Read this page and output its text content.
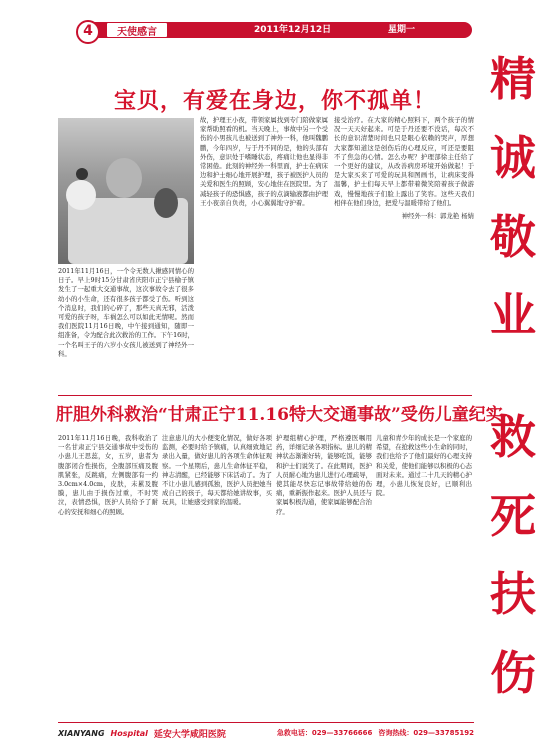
4	天使感言	2011年12月12日	星期一
精
诚
敬
业
救
死
扶
伤
宝贝，有爱在身边，你不孤单！
2011年11月16日，一个令无数人揪感同情心的日子。早上9时15分甘肃省庆阳市正宁县榆子镇发生了一起重大交通事故，这次事故令去了很多幼小的小生命，还有很多孩子都受了伤。听到这个消息时，我们的心碎了，那些天真无邪，活泼可爱的孩子呀，车祸怎么可以如此无情呢。然而我们医院11月16日晚，中午接到通知，随即一组准备，令为配合此次救治的工作。下午16时，一个名叫王子的六岁小女孩儿被送到了神经外一科。
故，护理王小夜，带领家属找到专门陪做家属家帮助照看的机。当天晚上，事故中另一个受伤的小男孩儿也被送到了神外一科，他叫魏鹏鹏，今年四岁，与于丹不同的是，他的头部有外伤，意识处于嗜睡状态，疼痛让他也显得非常困倦。此刻的神经外一科里面，护士在病床边和护士细心地开展护理，孩子被医护人员的关爱和医生的照顾，安心地住在医院里。为了减轻孩子的恐惧感，孩子的点滴输液都由护理王小夜亲自负责，小心翼翼地守护着。
接受治疗。在大家的精心照料下，两个孩子的情况一天天好起来。可是于丹还要不没话，每次不长的意识清楚时间也只是眼心依赖的哭声，厚想大家都知道这是创伤后的心理反应，可还是要阻不了焦急的心情。怎么办呢？护理部徐主任给了一个更好的建议，从改善病房环境开始做起！于是大家买来了可爱的玩具和图画书，让病床变得温馨，护士们每天早上都带着微笑陪着孩子做游戏，慢慢地孩子们脸上露出了笑容。这些天我们相伴在他们身边，把爱与温暖带给了他们。
神经外一科：郭龙艳 杨婧
肝胆外科救治“甘肃正宁11.16特大交通事故”受伤儿童纪实
2011年11月16日晚，我科收治了一名甘肃正宁县交通事故中受伤的小患儿王思蕊，女，五岁，患者为腹部闭合性损伤，全腹部压痛及腹肌紧张，反跳痛，左侧腹部有一约3.0cm×4.0cm，皮肤，未累及腹膜，患儿由于损伤过重，不时哭泣，表情恐惧，医护人员给予了耐心的安抚和细心的照顾。
注意患儿的大小便变化情况，做好各项监测，必要时给予镇痛，认真细致地记录出入量，做好患儿的各项生命体征观察。一个星期后，患儿生命体征平稳，神志清醒，已经能够下床活动了。为了不让小患儿感到孤独，医护人员把她当成自己的孩子，每天都给她讲故事，买玩具，让她感受到家的温暖。
护理组精心护理，严格遵医嘱用药，详细记录各项指标。患儿的精神状态渐渐好转，能够吃饭，能够和护士们说笑了。在此期间，医护人员耐心地为患儿进行心理疏导，使其能尽快忘记事故带给她的伤痛，重新振作起来。医护人员还与家属积极沟通，使家属能够配合治疗。
儿童和青少年的成长是一个家庭的希望，在抢救这些小生命的同时，我们也给予了他们最好的心理支持和关爱，使他们能够以积极的心态面对未来。通过二十几天的精心护理，小患儿恢复良好，已顺利出院。
XIANYANG Hospital 延安大学咸阳医院	急救电话：029—33766666 咨询热线：029—33785192
